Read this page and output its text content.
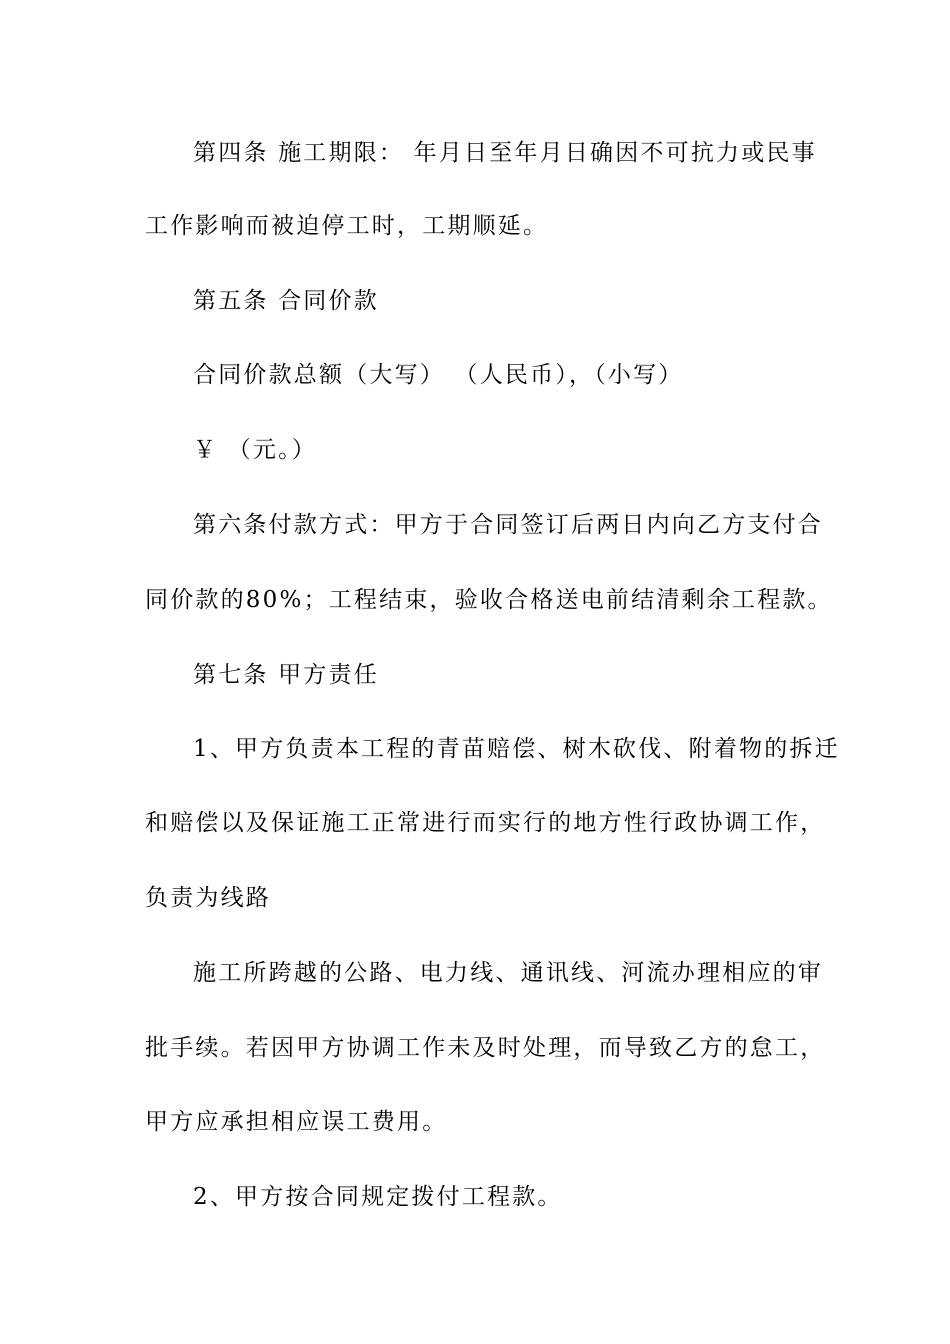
第四条 施工期限： 年月日至年月日确因不可抗力或民事
工作影响而被迫停工时，工期顺延。
第五条 合同价款
合同价款总额（大写） （人民币），（小写）
￥ （元。）
第六条付款方式：甲方于合同签订后两日内向乙方支付合
同价款的80%；工程结束，验收合格送电前结清剩余工程款。
第七条 甲方责任
1、甲方负责本工程的青苗赔偿、树木砍伐、附着物的拆迁
和赔偿以及保证施工正常进行而实行的地方性行政协调工作，
负责为线路
施工所跨越的公路、电力线、通讯线、河流办理相应的审
批手续。若因甲方协调工作未及时处理，而导致乙方的怠工，
甲方应承担相应误工费用。
2、甲方按合同规定拨付工程款。
